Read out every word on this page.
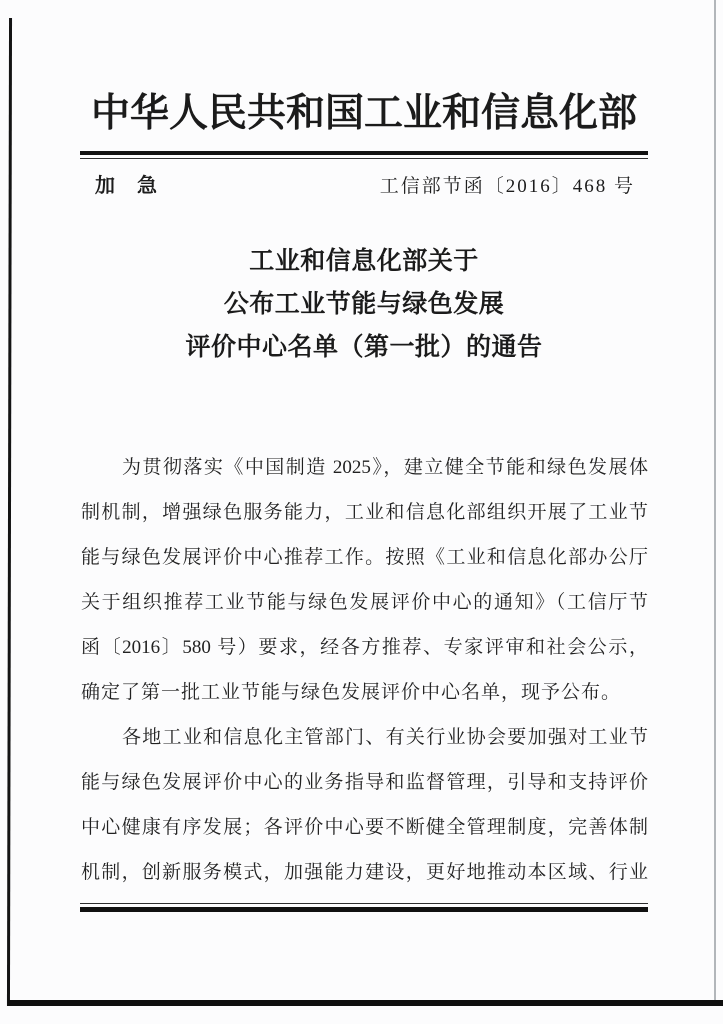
中华人民共和国工业和信息化部
加　急	工信部节函〔2016〕468 号
工业和信息化部关于
公布工业节能与绿色发展
评价中心名单（第一批）的通告
为贯彻落实《中国制造 2025》，建立健全节能和绿色发展体
制机制，增强绿色服务能力，工业和信息化部组织开展了工业节
能与绿色发展评价中心推荐工作。按照《工业和信息化部办公厅
关于组织推荐工业节能与绿色发展评价中心的通知》（工信厅节
函〔2016〕580 号）要求，经各方推荐、专家评审和社会公示，
确定了第一批工业节能与绿色发展评价中心名单，现予公布。
各地工业和信息化主管部门、有关行业协会要加强对工业节
能与绿色发展评价中心的业务指导和监督管理，引导和支持评价
中心健康有序发展；各评价中心要不断健全管理制度，完善体制
机制，创新服务模式，加强能力建设，更好地推动本区域、行业
